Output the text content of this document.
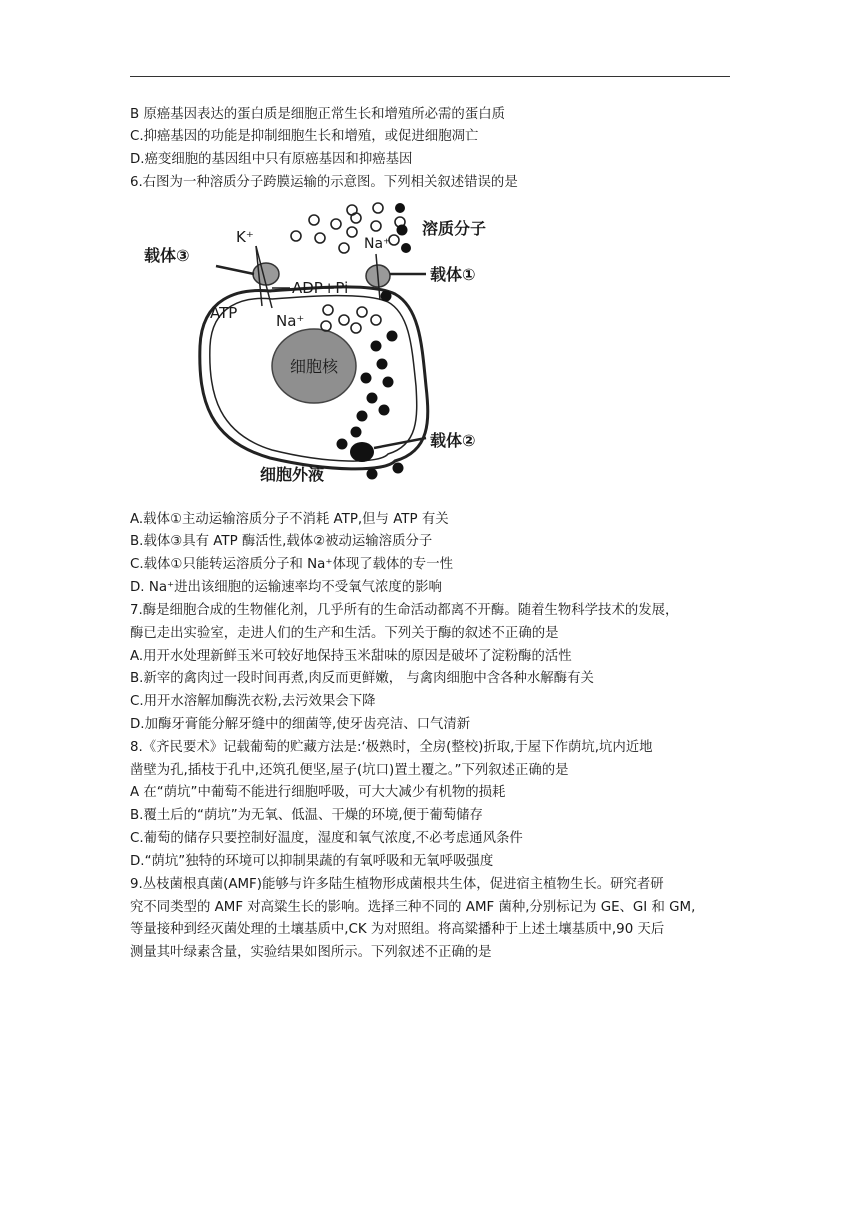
B 原癌基因表达的蛋白质是细胞正常生长和增殖所必需的蛋白质
C.抑癌基因的功能是抑制细胞生长和增殖，或促进细胞凋亡
D.癌变细胞的基因组中只有原癌基因和抑癌基因
6.右图为一种溶质分子跨膜运输的示意图。下列相关叙述错误的是
细胞核
载体③
K⁺
ATP	Na⁺
ADP+Pi
载体①
Na⁺
溶质分子
载体②
细胞外液
A.载体①主动运输溶质分子不消耗 ATP,但与 ATP 有关
B.载体③具有 ATP 酶活性,载体②被动运输溶质分子
C.载体①只能转运溶质分子和 Na⁺体现了载体的专一性
D. Na⁺进出该细胞的运输速率均不受氧气浓度的影响
7.酶是细胞合成的生物催化剂，几乎所有的生命活动都离不开酶。随着生物科学技术的发展，
酶已走出实验室，走进人们的生产和生活。下列关于酶的叙述不正确的是
A.用开水处理新鲜玉米可较好地保持玉米甜味的原因是破坏了淀粉酶的活性
B.新宰的禽肉过一段时间再煮,肉反而更鲜嫩， 与禽肉细胞中含各种水解酶有关
C.用开水溶解加酶洗衣粉,去污效果会下降
D.加酶牙膏能分解牙缝中的细菌等,使牙齿亮洁、口气清新
8.《齐民要术》记载葡萄的贮藏方法是:‘极熟时，全房(整校)折取,于屋下作荫坑,坑内近地
凿壁为孔,插枝于孔中,还筑孔便坚,屋子(坑口)置土覆之。”下列叙述正确的是
A 在“荫坑”中葡萄不能进行细胞呼吸，可大大减少有机物的损耗
B.覆土后的“荫坑”为无氧、低温、干燥的环境,便于葡萄储存
C.葡萄的储存只要控制好温度，湿度和氧气浓度,不必考虑通风条件
D.“荫坑”独特的环境可以抑制果蔬的有氧呼吸和无氧呼吸强度
9.丛枝菌根真菌(AMF)能够与许多陆生植物形成菌根共生体，促进宿主植物生长。研究者研
究不同类型的 AMF 对高粱生长的影响。选择三种不同的 AMF 菌种,分别标记为 GE、GI 和 GM,
等量接种到经灭菌处理的土壤基质中,CK 为对照组。将高粱播种于上述土壤基质中,90 天后
测量其叶绿素含量，实验结果如图所示。下列叙述不正确的是
